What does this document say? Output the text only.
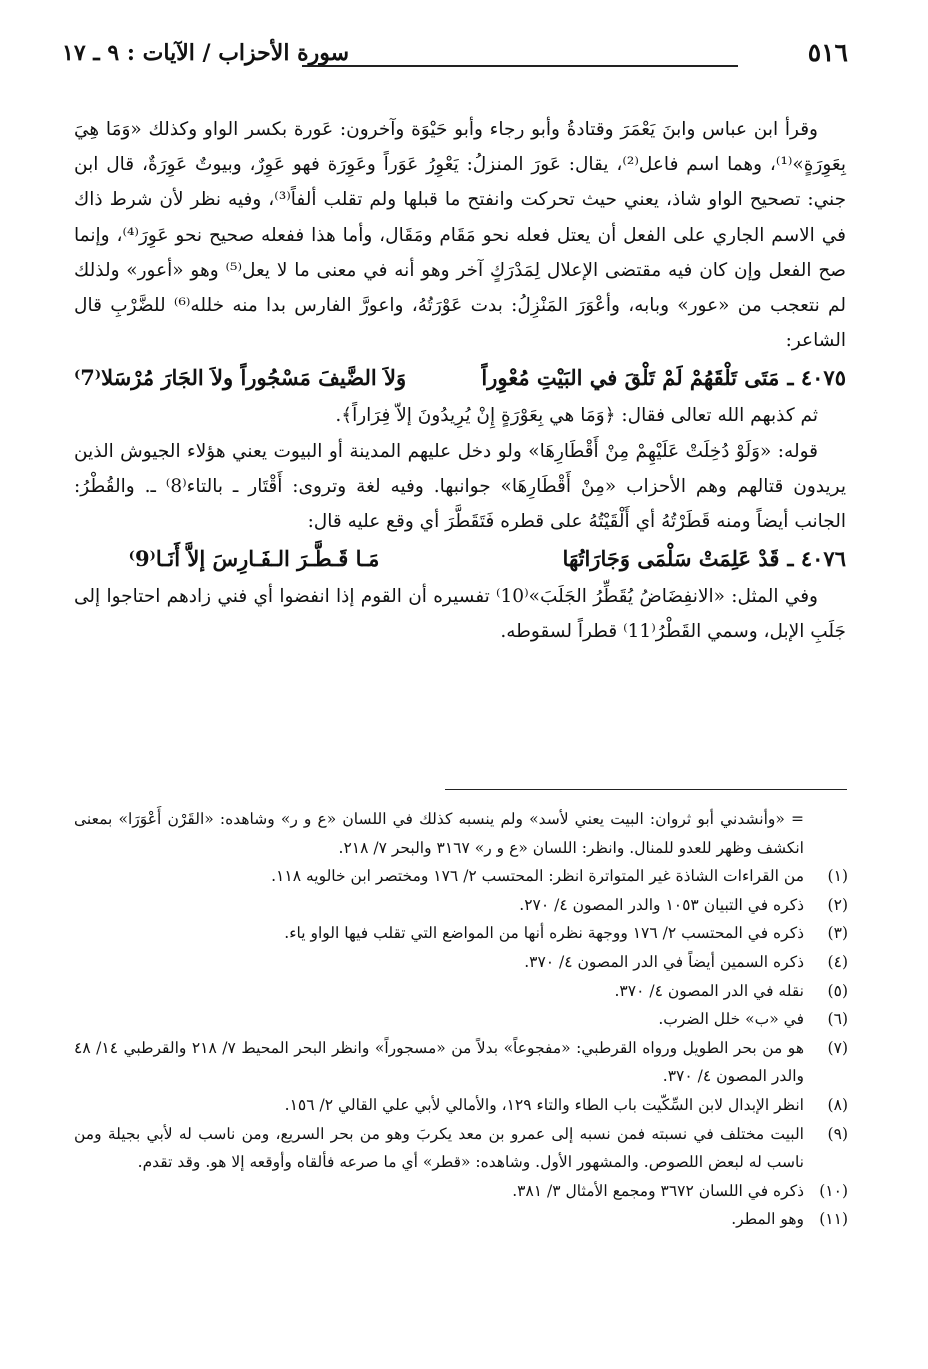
٥١٦
سورة الأحزاب / الآيات : ٩ ـ ١٧

وقرأ ابن عباس وابنَ يَعْمَرَ وقتادةُ وأبو رجاء وأبو حَيْوَة وآخرون: عَورة بكسر الواو وكذلك «وَمَا هِيَ بِعَوِرَةٍ»⁽¹⁾، وهما اسم فاعل⁽²⁾، يقال: عَورَ المنزلُ: يَعْوِرُ عَوَراً وعَوِرَة فهو عَوِرٌ، وبيوتٌ عَوِرَةٌ، قال ابن جني: تصحيح الواو شاذ، يعني حيث تحركت وانفتح ما قبلها ولم تقلب ألفاً⁽³⁾، وفيه نظر لأن شرط ذاك في الاسم الجاري على الفعل أن يعتل فعله نحو مَقَام ومَقَال، وأما هذا ففعله صحيح نحو عَوِرَ⁽⁴⁾، وإنما صح الفعل وإن كان فيه مقتضى الإعلال لِمَدْرَكٍ آخر وهو أنه في معنى ما لا يعل⁽⁵⁾ وهو «أعور» ولذلك لم نتعجب من «عور» وبابه، وأعْوَرَ المَنْزِلُ: بدت عَوْرَتُهُ، واعورَّ الفارس بدا منه خلله⁽⁶⁾ للضَّرْبِ قال الشاعر:

٤٠٧٥ ـ
مَتَى تَلْقَهُمْ لَمْ تَلْقَ في البَيْتِ مُعْوِراً
وَلاَ الضَّيفَ مَسْجُوراً ولاَ الجَارَ مُرْسَلا⁽7⁾

ثم كذبهم الله تعالى فقال: ﴿وَمَا هي بِعَوْرَةٍ إِنْ يُرِيدُونَ إلاّ فِرَاراً﴾.

قوله: «وَلَوْ دُخِلَتْ عَلَيْهِمْ مِنْ أَقْطَارِهَا» ولو دخل عليهم المدينة أو البيوت يعني هؤلاء الجيوش الذين يريدون قتالهم وهم الأحزاب «مِنْ أَقْطَارِهَا» جوانبها. وفيه لغة وتروى: أَقْتَار ـ بالتاء⁽8⁾ ـ. والقُطْرُ: الجانب أيضاً ومنه قَطَرْتُهُ أي أَلْقَيْتُهُ على قطره فَتَقَطَّرَ أي وقع عليه قال:

٤٠٧٦ ـ
قَدْ عَلِمَتْ سَلْمَى وَجَارَاتُهَا
مَـا قَـطَّـرَ الـفَـارِسَ إلاَّ أَنَـا⁽9⁾

وفي المثل: «الانفِضَاضُ يُقَطِّرُ الجَلَبَ»⁽10⁾ تفسيره أن القوم إذا انفضوا أي فني زادهم احتاجوا إلى جَلَبِ الإبل، وسمي القَطْرُ⁽11⁾ قطراً لسقوطه.

= «وأنشدني أبو ثروان: البيت يعني لأسد» ولم ينسبه كذلك في اللسان «ع و ر» وشاهده: «القَرْن أَعْوَرَا» بمعنى انكشف وظهر للعدو للمنال. وانظر: اللسان «ع و ر» ٣١٦٧ والبحر ٧/ ٢١٨.
(١)
من القراءات الشاذة غير المتواترة انظر: المحتسب ٢/ ١٧٦ ومختصر ابن خالويه ١١٨.
(٢)
ذكره في التبيان ١٠٥٣ والدر المصون ٤/ ٢٧٠.
(٣)
ذكره في المحتسب ٢/ ١٧٦ ووجهة نظره أنها من المواضع التي تقلب فيها الواو ياء.
(٤)
ذكره السمين أيضاً في الدر المصون ٤/ ٣٧٠.
(٥)
نقله في الدر المصون ٤/ ٣٧٠.
(٦)
في «ب» خلل الضرب.
(٧)
هو من بحر الطويل ورواه القرطبي: «مفجوعاً» بدلاً من «مسجوراً» وانظر البحر المحيط ٧/ ٢١٨ والقرطبي ١٤/ ٤٨ والدر المصون ٤/ ٣٧٠.
(٨)
انظر الإبدال لابن السِّكّيت باب الطاء والتاء ١٢٩، والأمالي لأبي علي القالي ٢/ ١٥٦.
(٩)
البيت مختلف في نسبته فمن نسبه إلى عمرو بن معد يكربَ وهو من بحر السريع، ومن ناسب له لأبي بجيلة ومن ناسب له لبعض اللصوص. والمشهور الأول. وشاهده: «قطر» أي ما صرعه فألقاه وأوقعه إلا هو. وقد تقدم.
(١٠)
ذكره في اللسان ٣٦٧٢ ومجمع الأمثال ٣/ ٣٨١.
(١١)
وهو المطر.
